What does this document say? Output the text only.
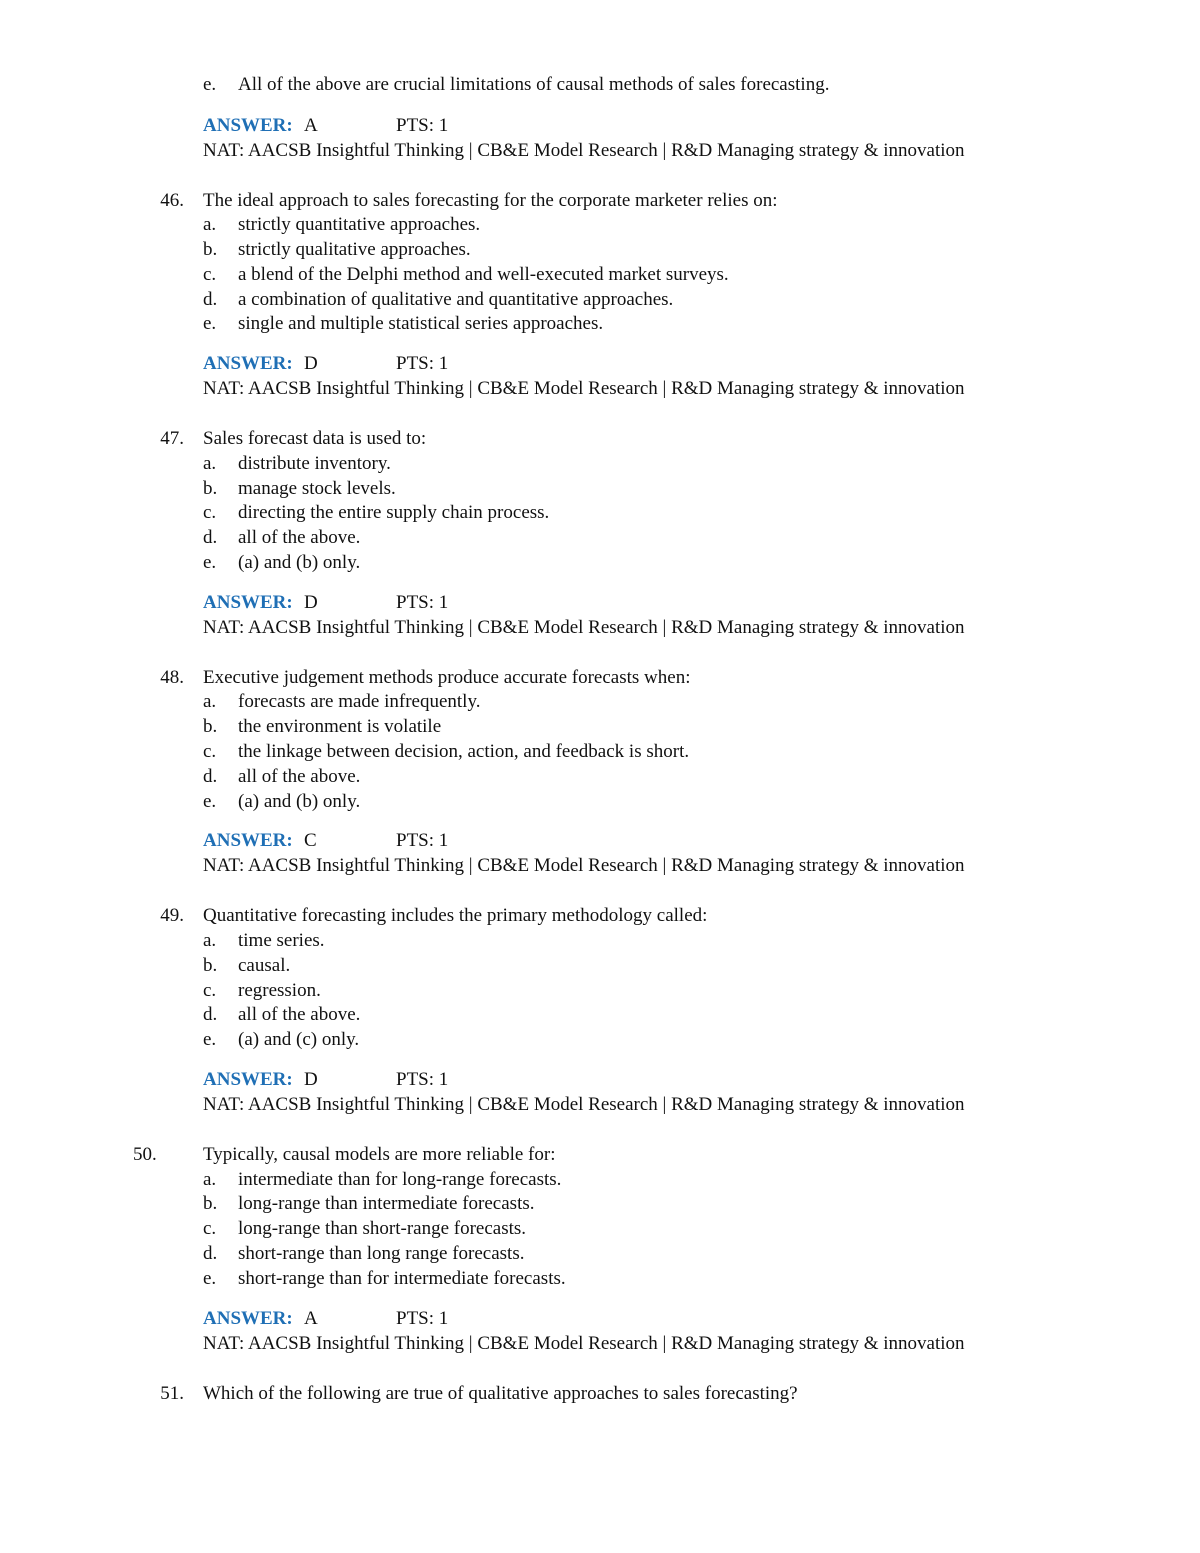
e. All of the above are crucial limitations of causal methods of sales forecasting.
ANSWER: A	PTS: 1
NAT: AACSB Insightful Thinking | CB&E Model Research | R&D Managing strategy & innovation
46. The ideal approach to sales forecasting for the corporate marketer relies on:
a. strictly quantitative approaches.
b. strictly qualitative approaches.
c. a blend of the Delphi method and well-executed market surveys.
d. a combination of qualitative and quantitative approaches.
e. single and multiple statistical series approaches.
ANSWER: D	PTS: 1
NAT: AACSB Insightful Thinking | CB&E Model Research | R&D Managing strategy & innovation
47. Sales forecast data is used to:
a. distribute inventory.
b. manage stock levels.
c. directing the entire supply chain process.
d. all of the above.
e. (a) and (b) only.
ANSWER: D	PTS: 1
NAT: AACSB Insightful Thinking | CB&E Model Research | R&D Managing strategy & innovation
48. Executive judgement methods produce accurate forecasts when:
a. forecasts are made infrequently.
b. the environment is volatile
c. the linkage between decision, action, and feedback is short.
d. all of the above.
e. (a) and (b) only.
ANSWER: C	PTS: 1
NAT: AACSB Insightful Thinking | CB&E Model Research | R&D Managing strategy & innovation
49. Quantitative forecasting includes the primary methodology called:
a. time series.
b. causal.
c. regression.
d. all of the above.
e. (a) and (c) only.
ANSWER: D	PTS: 1
NAT: AACSB Insightful Thinking | CB&E Model Research | R&D Managing strategy & innovation
50. Typically, causal models are more reliable for:
a. intermediate than for long-range forecasts.
b. long-range than intermediate forecasts.
c. long-range than short-range forecasts.
d. short-range than long range forecasts.
e. short-range than for intermediate forecasts.
ANSWER: A	PTS: 1
NAT: AACSB Insightful Thinking | CB&E Model Research | R&D Managing strategy & innovation
51. Which of the following are true of qualitative approaches to sales forecasting?
